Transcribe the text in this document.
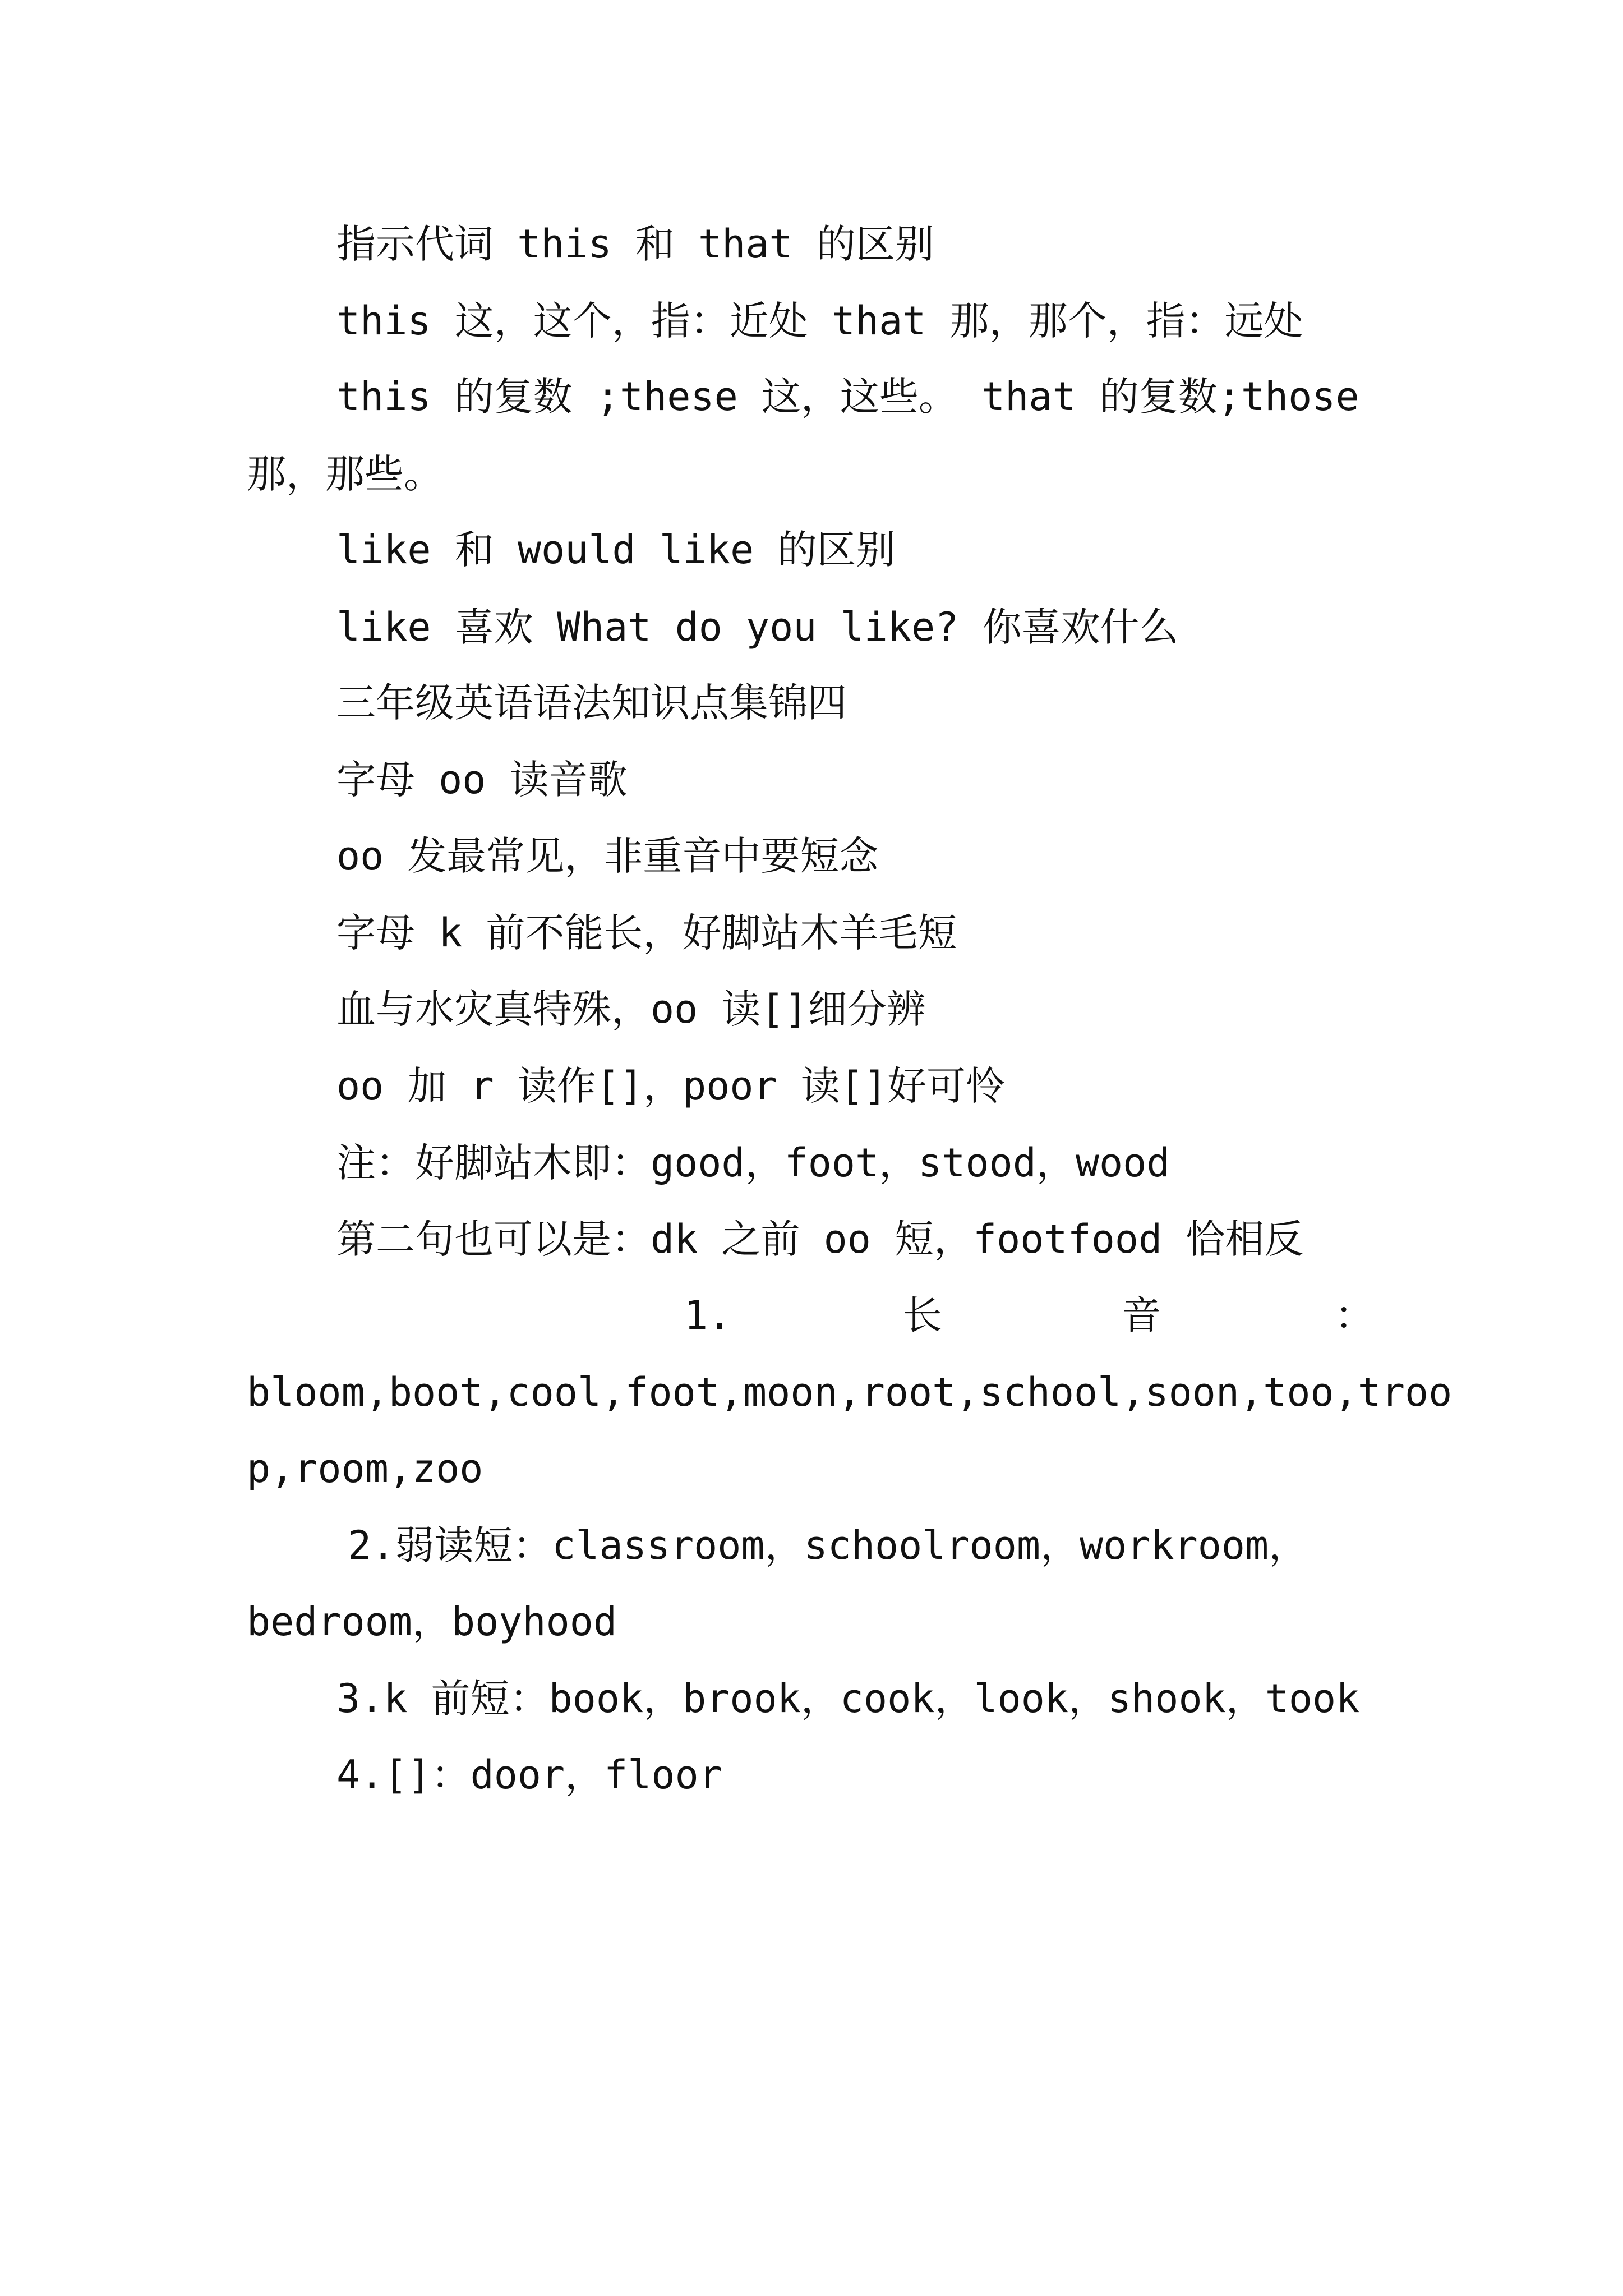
指示代词 this 和 that 的区别
this 这，这个，指：近处 that 那，那个，指：远处
this 的复数 ;these 这，这些。 that 的复数;those
那，那些。
like 和 would like 的区别
like 喜欢 What do you like? 你喜欢什么
三年级英语语法知识点集锦四
字母 oo 读音歌
oo 发最常见，非重音中要短念
字母 k 前不能长，好脚站木羊毛短
血与水灾真特殊，oo 读[]细分辨
oo 加 r 读作[]，poor 读[]好可怜
注：好脚站木即：good，foot，stood，wood
第二句也可以是：dk 之前 oo 短，footfood 恰相反
1.	长	音	：
bloom,boot,cool,foot,moon,root,school,soon,too,troo
p,room,zoo
2.弱读短：classroom，schoolroom，workroom，
bedroom，boyhood
3.k 前短：book，brook，cook，look，shook，took
4.[]：door，floor
